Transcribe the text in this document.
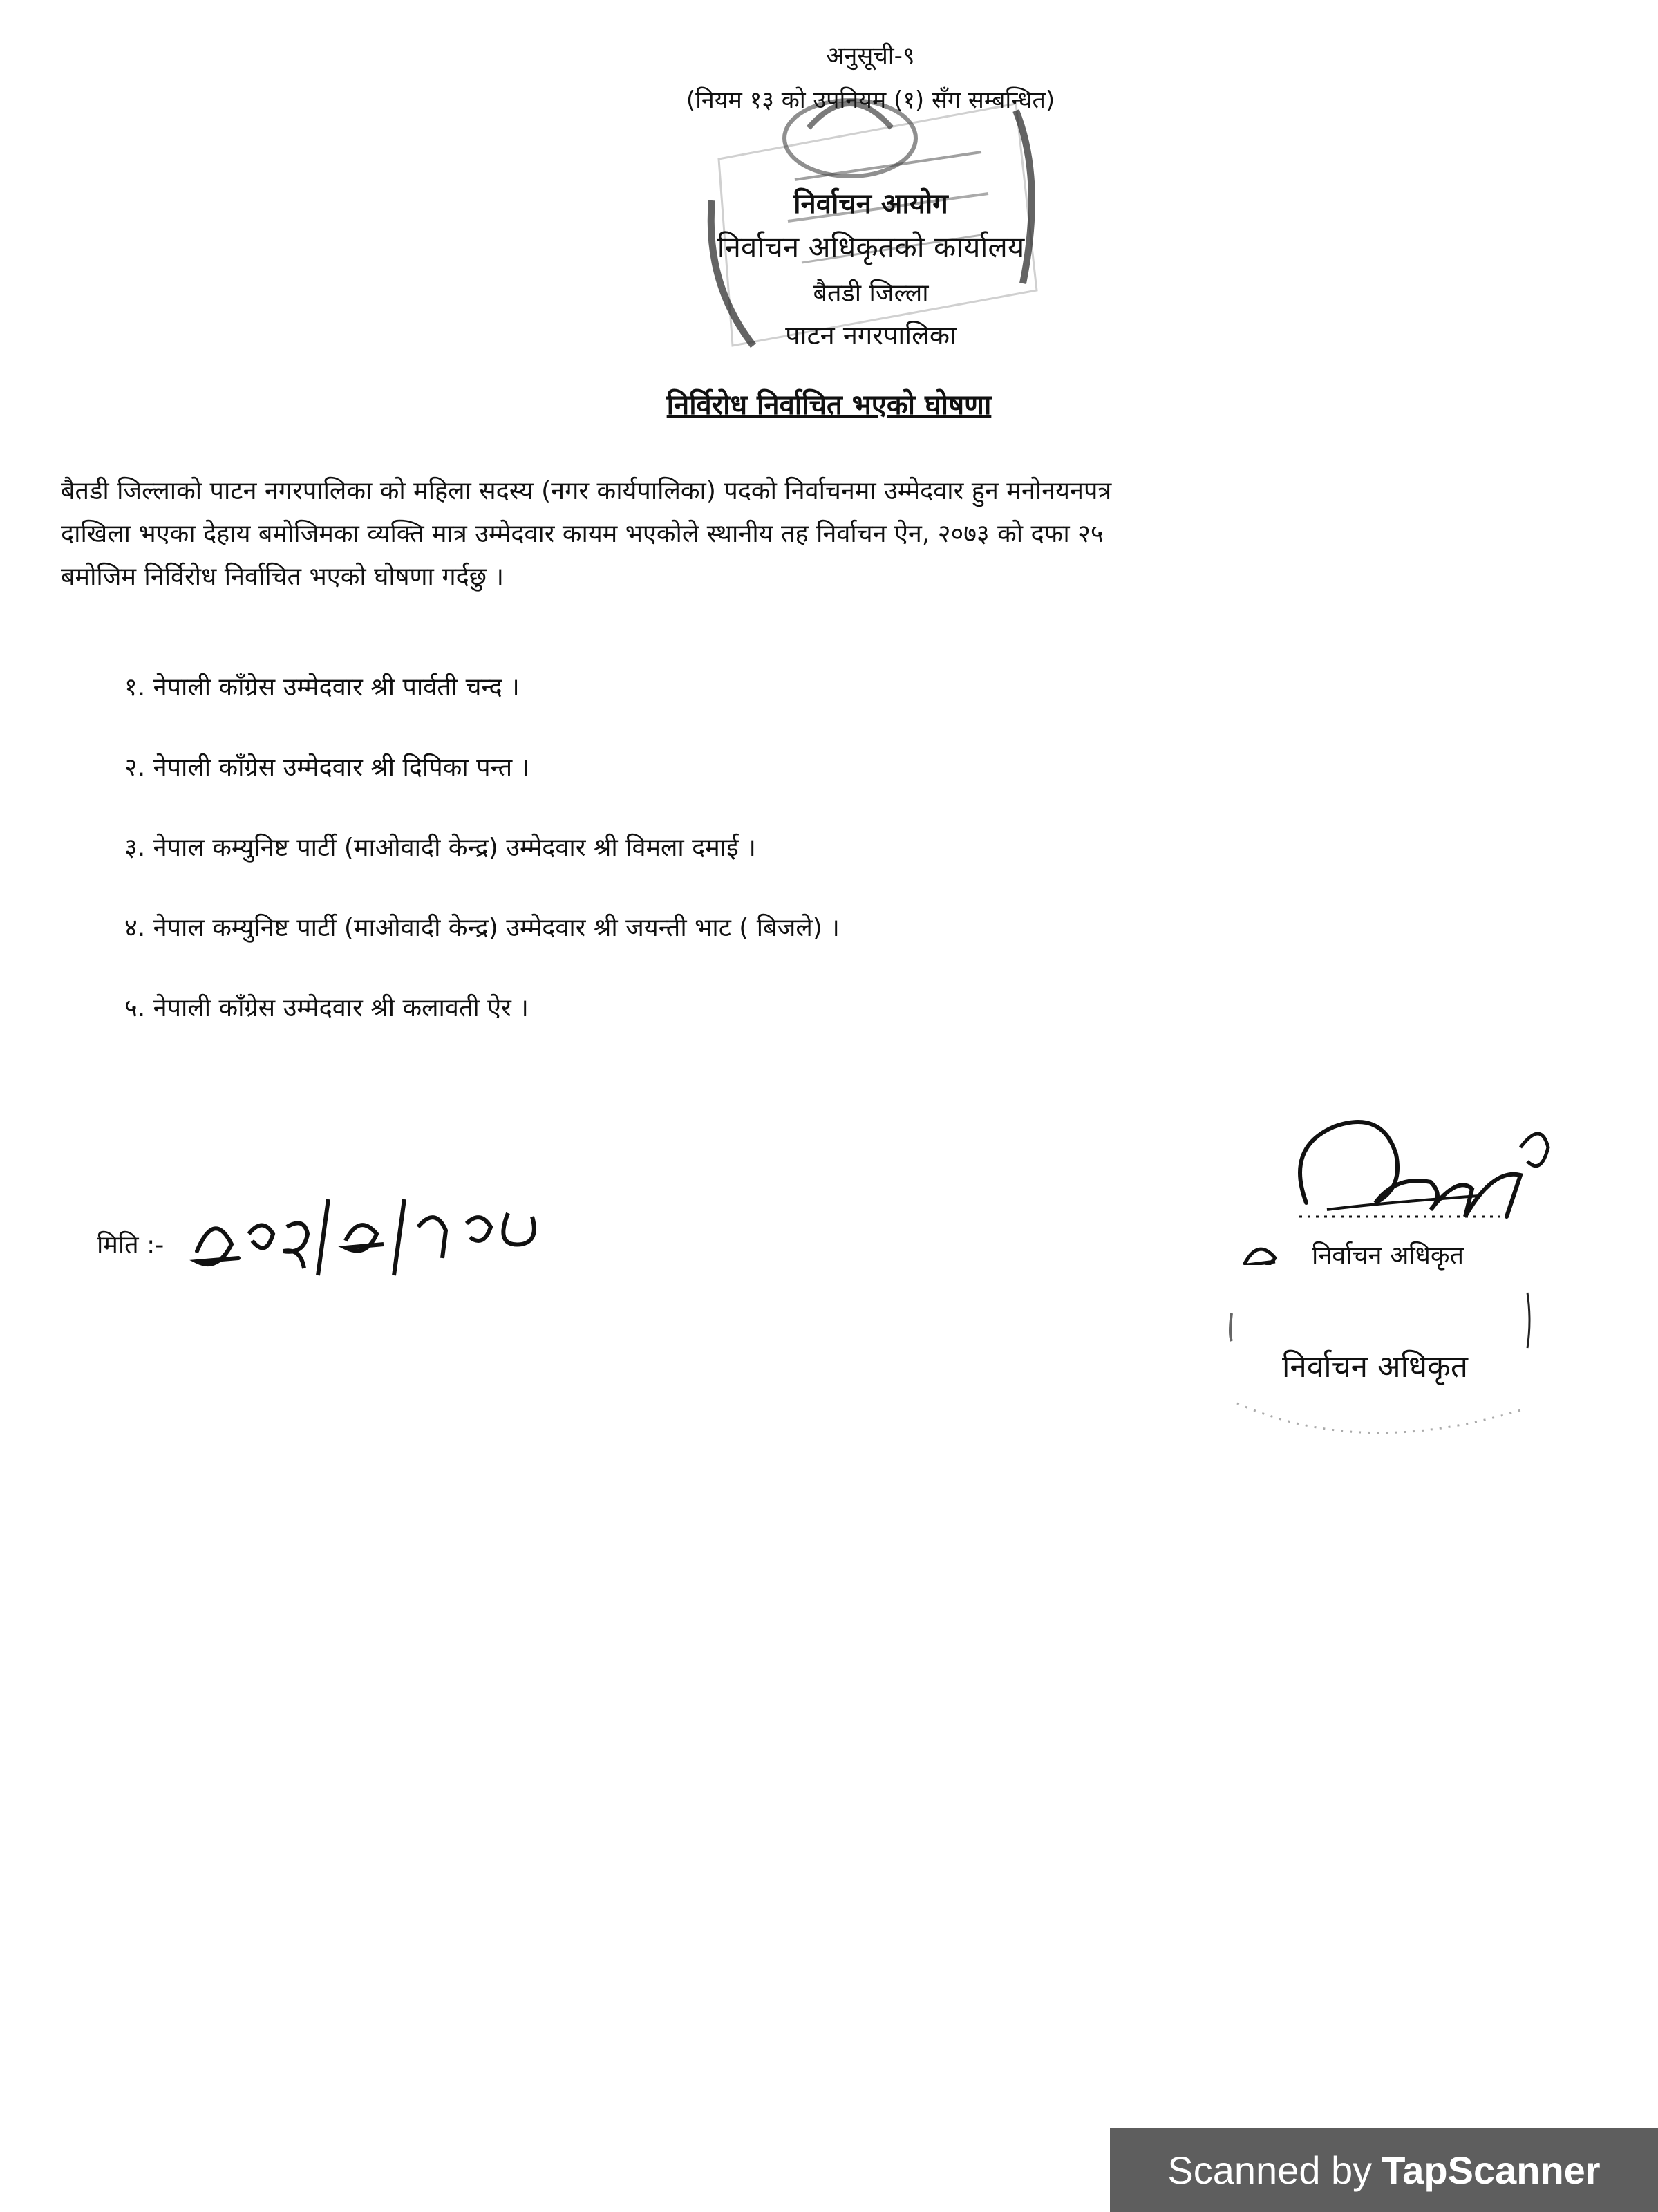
अनुसूची-९
(नियम १३ को उपनियम (१) सँग सम्बन्धित)
निर्वाचन आयोग
निर्वाचन अधिकृतको कार्यालय
बैतडी जिल्ला
पाटन नगरपालिका
निर्विरोध निर्वाचित भएको घोषणा
बैतडी जिल्लाको पाटन नगरपालिका को महिला सदस्य (नगर कार्यपालिका) पदको निर्वाचनमा उम्मेदवार हुन मनोनयनपत्र
दाखिला भएका देहाय बमोजिमका व्यक्ति मात्र उम्मेदवार कायम भएकोले स्थानीय तह निर्वाचन ऐन, २०७३ को दफा २५
बमोजिम निर्विरोध निर्वाचित भएको घोषणा गर्दछु ।
१. नेपाली काँग्रेस उम्मेदवार श्री पार्वती चन्द ।
२. नेपाली काँग्रेस उम्मेदवार श्री दिपिका पन्त ।
३. नेपाल कम्युनिष्ट पार्टी (माओवादी केन्द्र) उम्मेदवार श्री विमला दमाई ।
४. नेपाल कम्युनिष्ट पार्टी (माओवादी केन्द्र) उम्मेदवार श्री जयन्ती भाट ( बिजले) ।
५. नेपाली काँग्रेस उम्मेदवार श्री कलावती ऐर ।
मिति :-	निर्वाचन अधिकृत
निर्वाचन अधिकृत
Scanned by TapScanner
